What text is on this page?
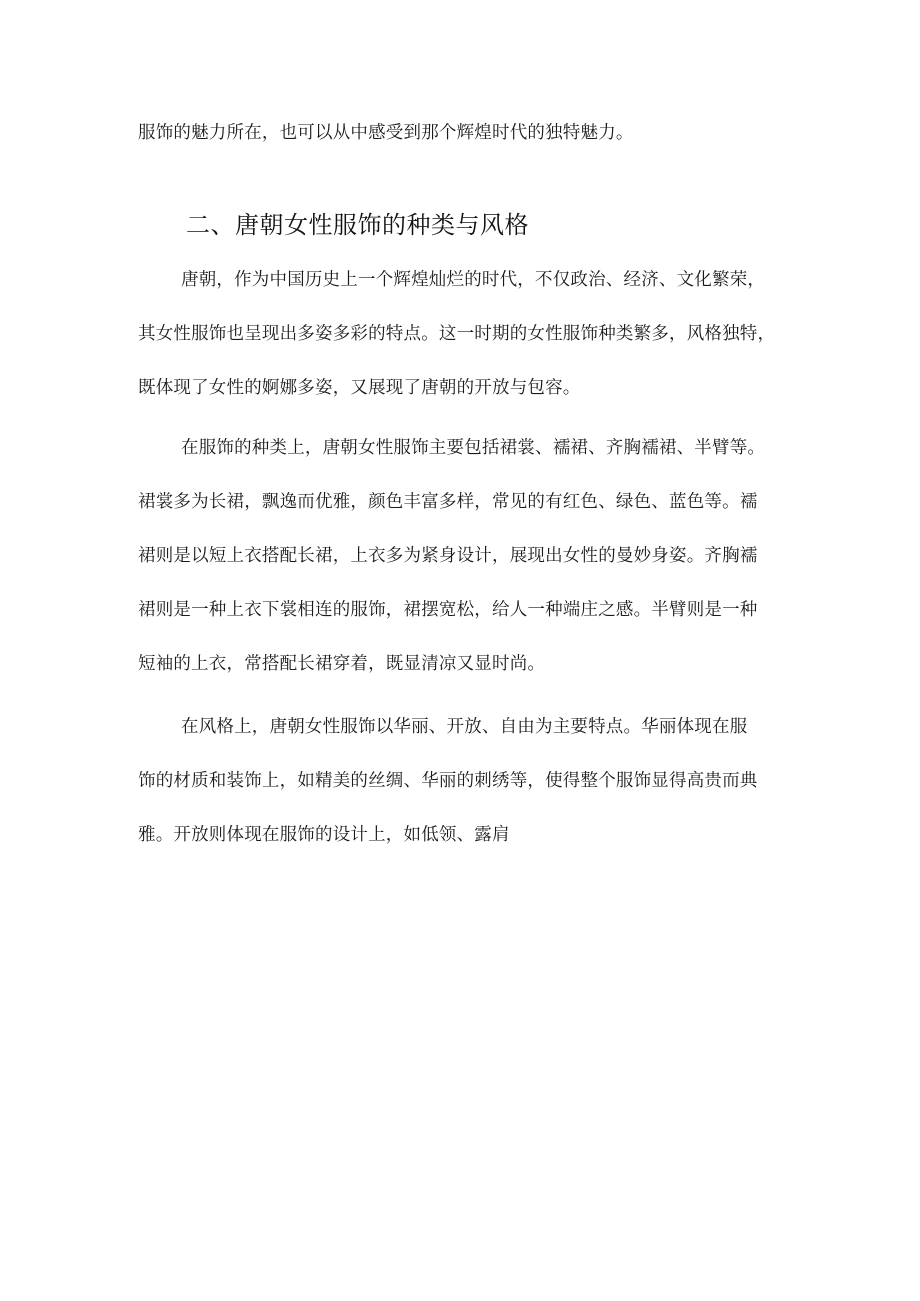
服饰的魅力所在，也可以从中感受到那个辉煌时代的独特魅力。
二、唐朝女性服饰的种类与风格
唐朝，作为中国历史上一个辉煌灿烂的时代，不仅政治、经济、文化繁荣，
其女性服饰也呈现出多姿多彩的特点。这一时期的女性服饰种类繁多，风格独特，
既体现了女性的婀娜多姿，又展现了唐朝的开放与包容。
在服饰的种类上，唐朝女性服饰主要包括裙裳、襦裙、齐胸襦裙、半臂等。
裙裳多为长裙，飘逸而优雅，颜色丰富多样，常见的有红色、绿色、蓝色等。襦
裙则是以短上衣搭配长裙，上衣多为紧身设计，展现出女性的曼妙身姿。齐胸襦
裙则是一种上衣下裳相连的服饰，裙摆宽松，给人一种端庄之感。半臂则是一种
短袖的上衣，常搭配长裙穿着，既显清凉又显时尚。
在风格上，唐朝女性服饰以华丽、开放、自由为主要特点。华丽体现在服
饰的材质和装饰上，如精美的丝绸、华丽的刺绣等，使得整个服饰显得高贵而典
雅。开放则体现在服饰的设计上，如低领、露肩
